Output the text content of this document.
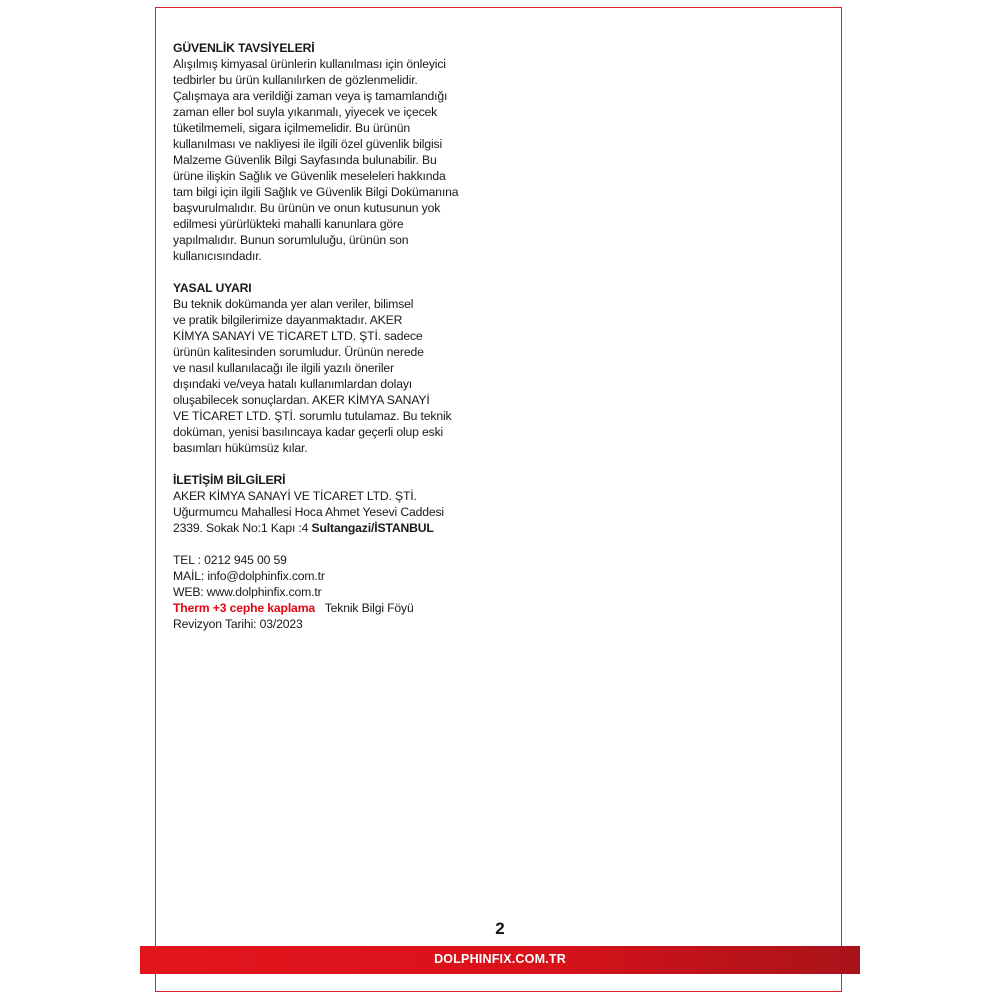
GÜVENLİK TAVSİYELERİ
Alışılmış kimyasal ürünlerin kullanılması için önleyici
tedbirler bu ürün kullanılırken de gözlenmelidir.
Çalışmaya ara verildiği zaman veya iş tamamlandığı
zaman eller bol suyla yıkanmalı, yiyecek ve içecek
tüketilmemeli, sigara içilmemelidir. Bu ürünün
kullanılması ve nakliyesi ile ilgili özel güvenlik bilgisi
Malzeme Güvenlik Bilgi Sayfasında bulunabilir. Bu
ürüne ilişkin Sağlık ve Güvenlik meseleleri hakkında
tam bilgi için ilgili Sağlık ve Güvenlik Bilgi Dokümanına
başvurulmalıdır. Bu ürünün ve onun kutusunun yok
edilmesi yürürlükteki mahalli kanunlara göre
yapılmalıdır. Bunun sorumluluğu, ürünün son
kullanıcısındadır.
YASAL UYARI
Bu teknik dokümanda yer alan veriler, bilimsel
ve pratik bilgilerimize dayanmaktadır. AKER
KİMYA SANAYİ VE TİCARET LTD. ŞTİ. sadece
ürünün kalitesinden sorumludur. Ürünün nerede
ve nasıl kullanılacağı ile ilgili yazılı öneriler
dışındaki ve/veya hatalı kullanımlardan dolayı
oluşabilecek sonuçlardan. AKER KİMYA SANAYİ
VE TİCARET LTD. ŞTİ. sorumlu tutulamaz. Bu teknik
doküman, yenisi basılıncaya kadar geçerli olup eski
basımları hükümsüz kılar.
İLETİŞİM BİLGİLERİ
AKER KİMYA SANAYİ VE TİCARET LTD. ŞTİ.
Uğurmumcu Mahallesi Hoca Ahmet Yesevi Caddesi
2339. Sokak No:1 Kapı :4 Sultangazi/İSTANBUL
TEL : 0212 945 00 59
MAİL: info@dolphinfix.com.tr
WEB: www.dolphinfix.com.tr
Therm +3 cephe kaplama Teknik Bilgi Föyü
Revizyon Tarihi: 03/2023
2
DOLPHINFIX.COM.TR
